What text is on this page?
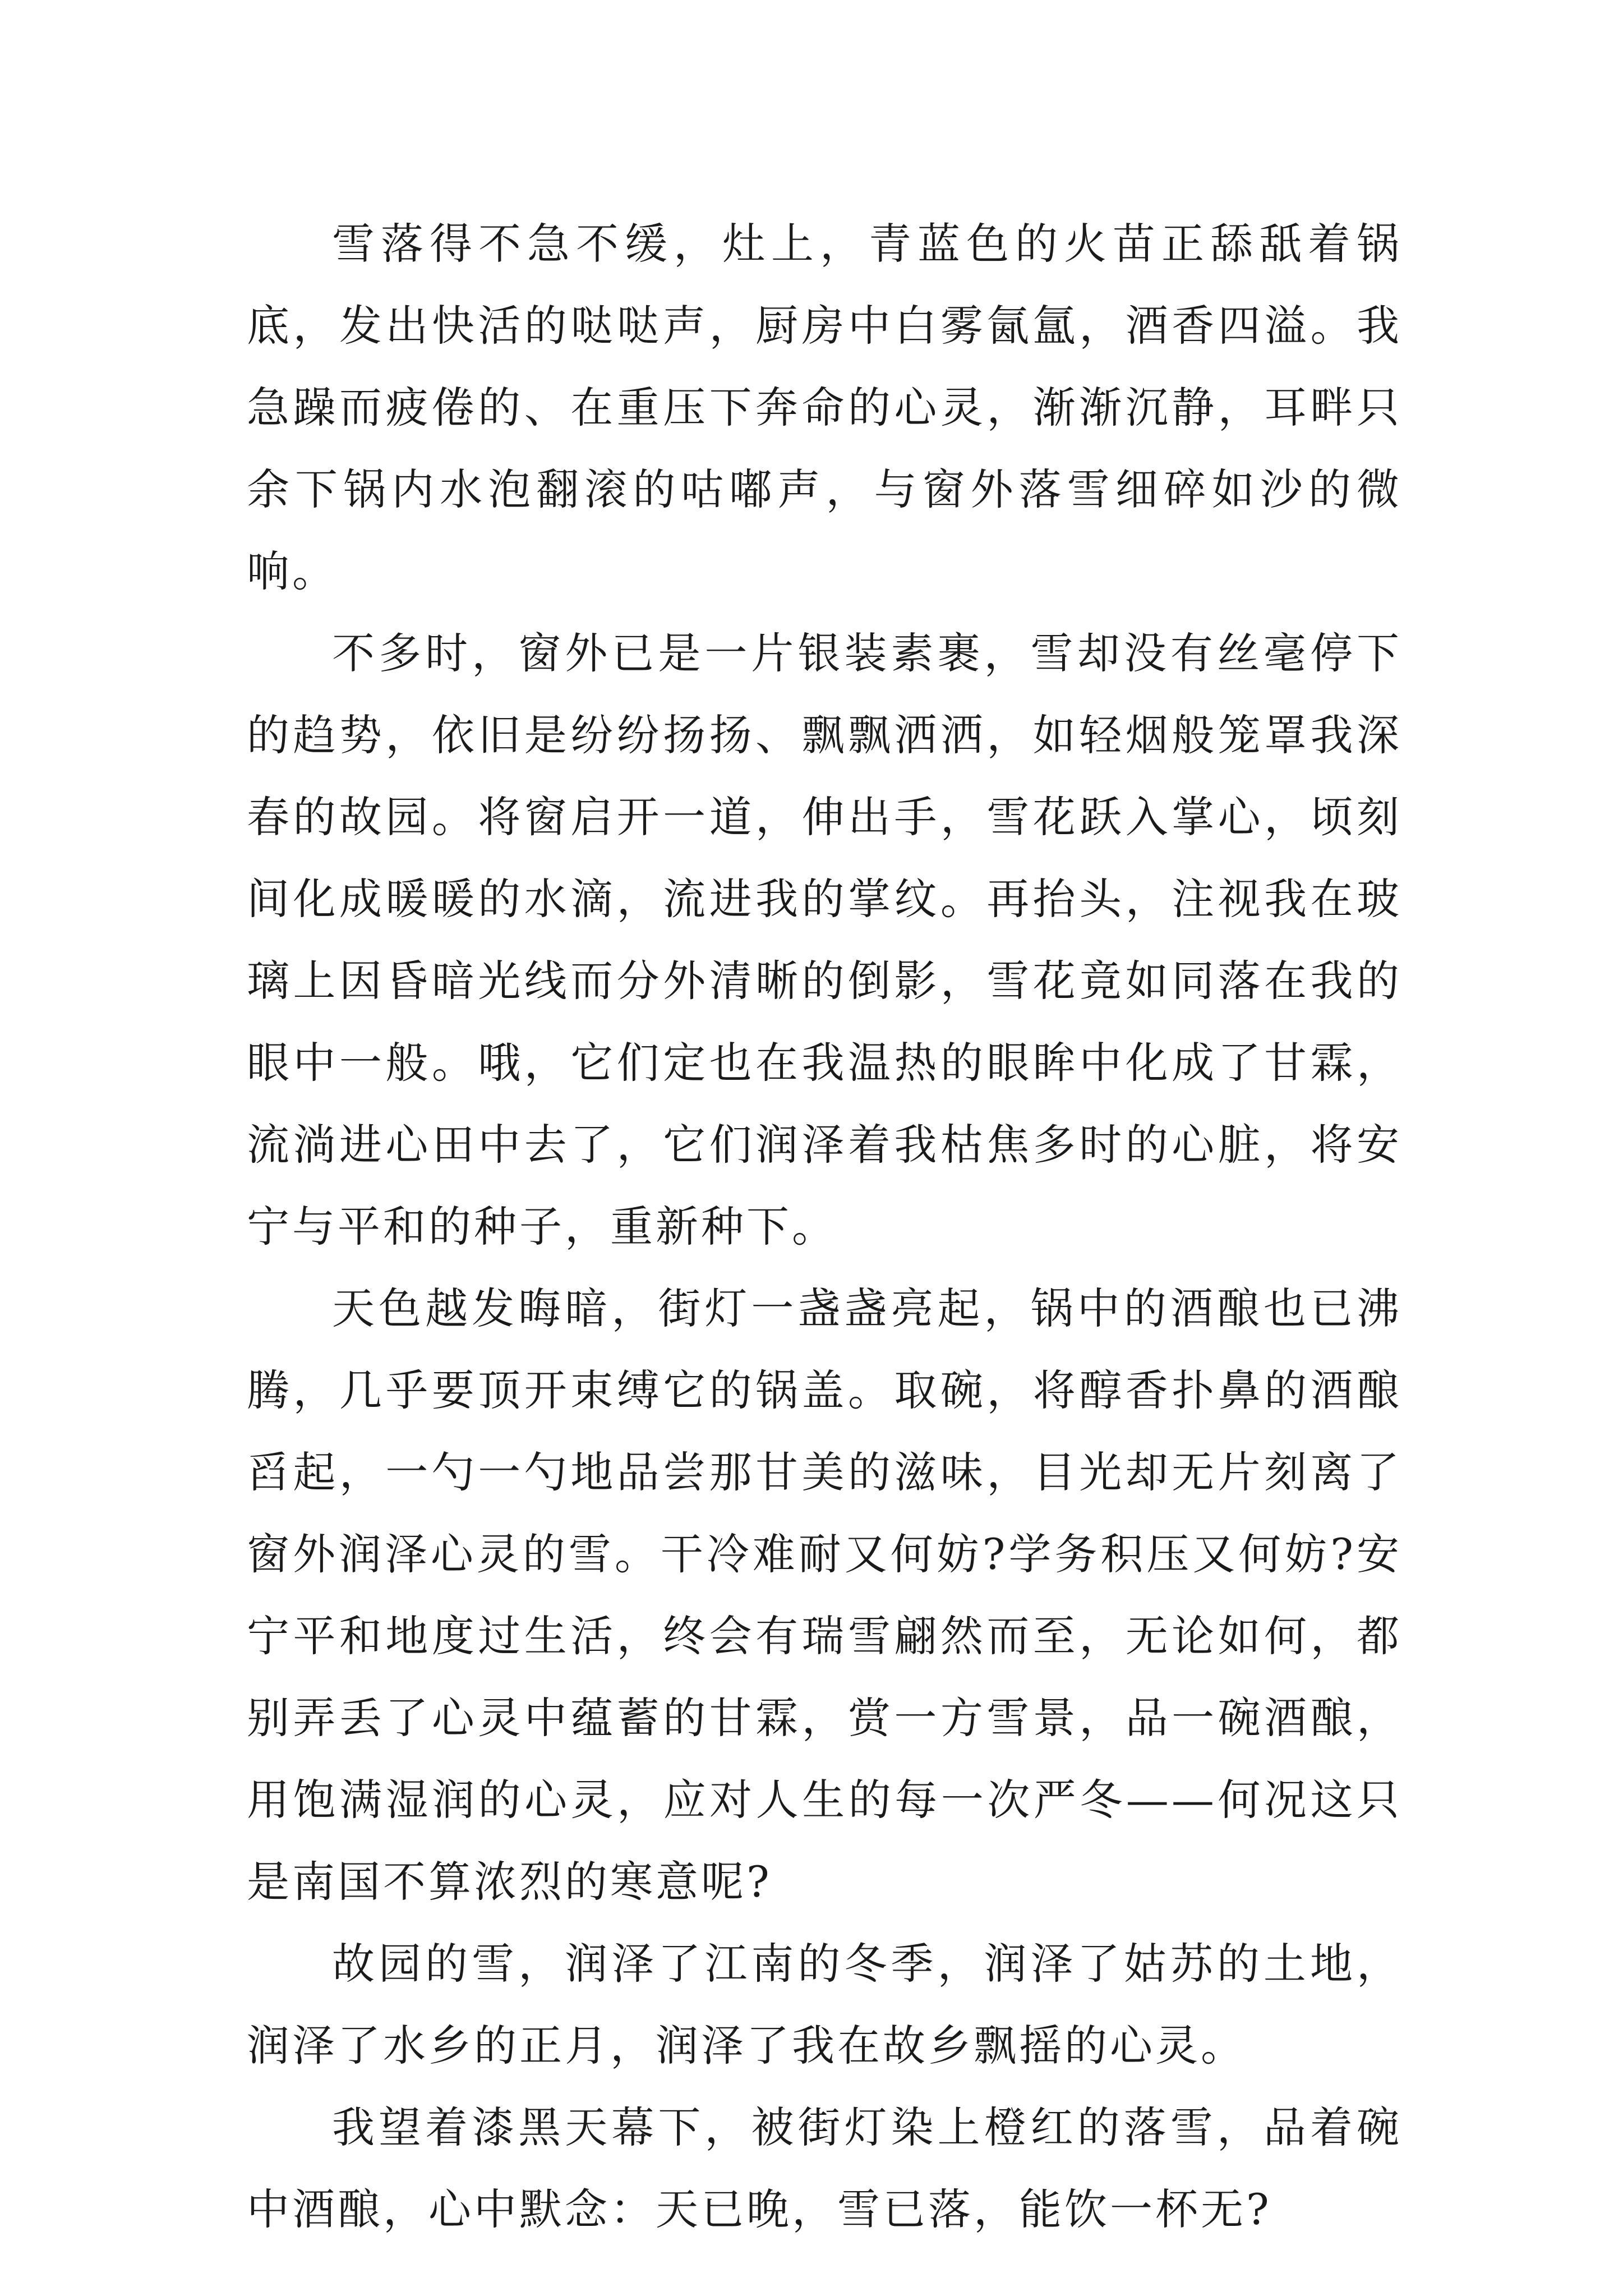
雪落得不急不缓，灶上，青蓝色的火苗正舔舐着锅底，发出快活的哒哒声，厨房中白雾氤氲，酒香四溢。我急躁而疲倦的、在重压下奔命的心灵，渐渐沉静，耳畔只余下锅内水泡翻滚的咕嘟声，与窗外落雪细碎如沙的微响。

不多时，窗外已是一片银装素裹，雪却没有丝毫停下的趋势，依旧是纷纷扬扬、飘飘洒洒，如轻烟般笼罩我深春的故园。将窗启开一道，伸出手，雪花跃入掌心，顷刻间化成暖暖的水滴，流进我的掌纹。再抬头，注视我在玻璃上因昏暗光线而分外清晰的倒影，雪花竟如同落在我的眼中一般。哦，它们定也在我温热的眼眸中化成了甘霖，流淌进心田中去了，它们润泽着我枯焦多时的心脏，将安宁与平和的种子，重新种下。

天色越发晦暗，街灯一盏盏亮起，锅中的酒酿也已沸腾，几乎要顶开束缚它的锅盖。取碗，将醇香扑鼻的酒酿舀起，一勺一勺地品尝那甘美的滋味，目光却无片刻离了窗外润泽心灵的雪。干冷难耐又何妨?学务积压又何妨?安宁平和地度过生活，终会有瑞雪翩然而至，无论如何，都别弄丢了心灵中蕴蓄的甘霖，赏一方雪景，品一碗酒酿，用饱满湿润的心灵，应对人生的每一次严冬——何况这只是南国不算浓烈的寒意呢?

故园的雪，润泽了江南的冬季，润泽了姑苏的土地，润泽了水乡的正月，润泽了我在故乡飘摇的心灵。

我望着漆黑天幕下，被街灯染上橙红的落雪，品着碗中酒酿，心中默念：天已晚，雪已落，能饮一杯无?
